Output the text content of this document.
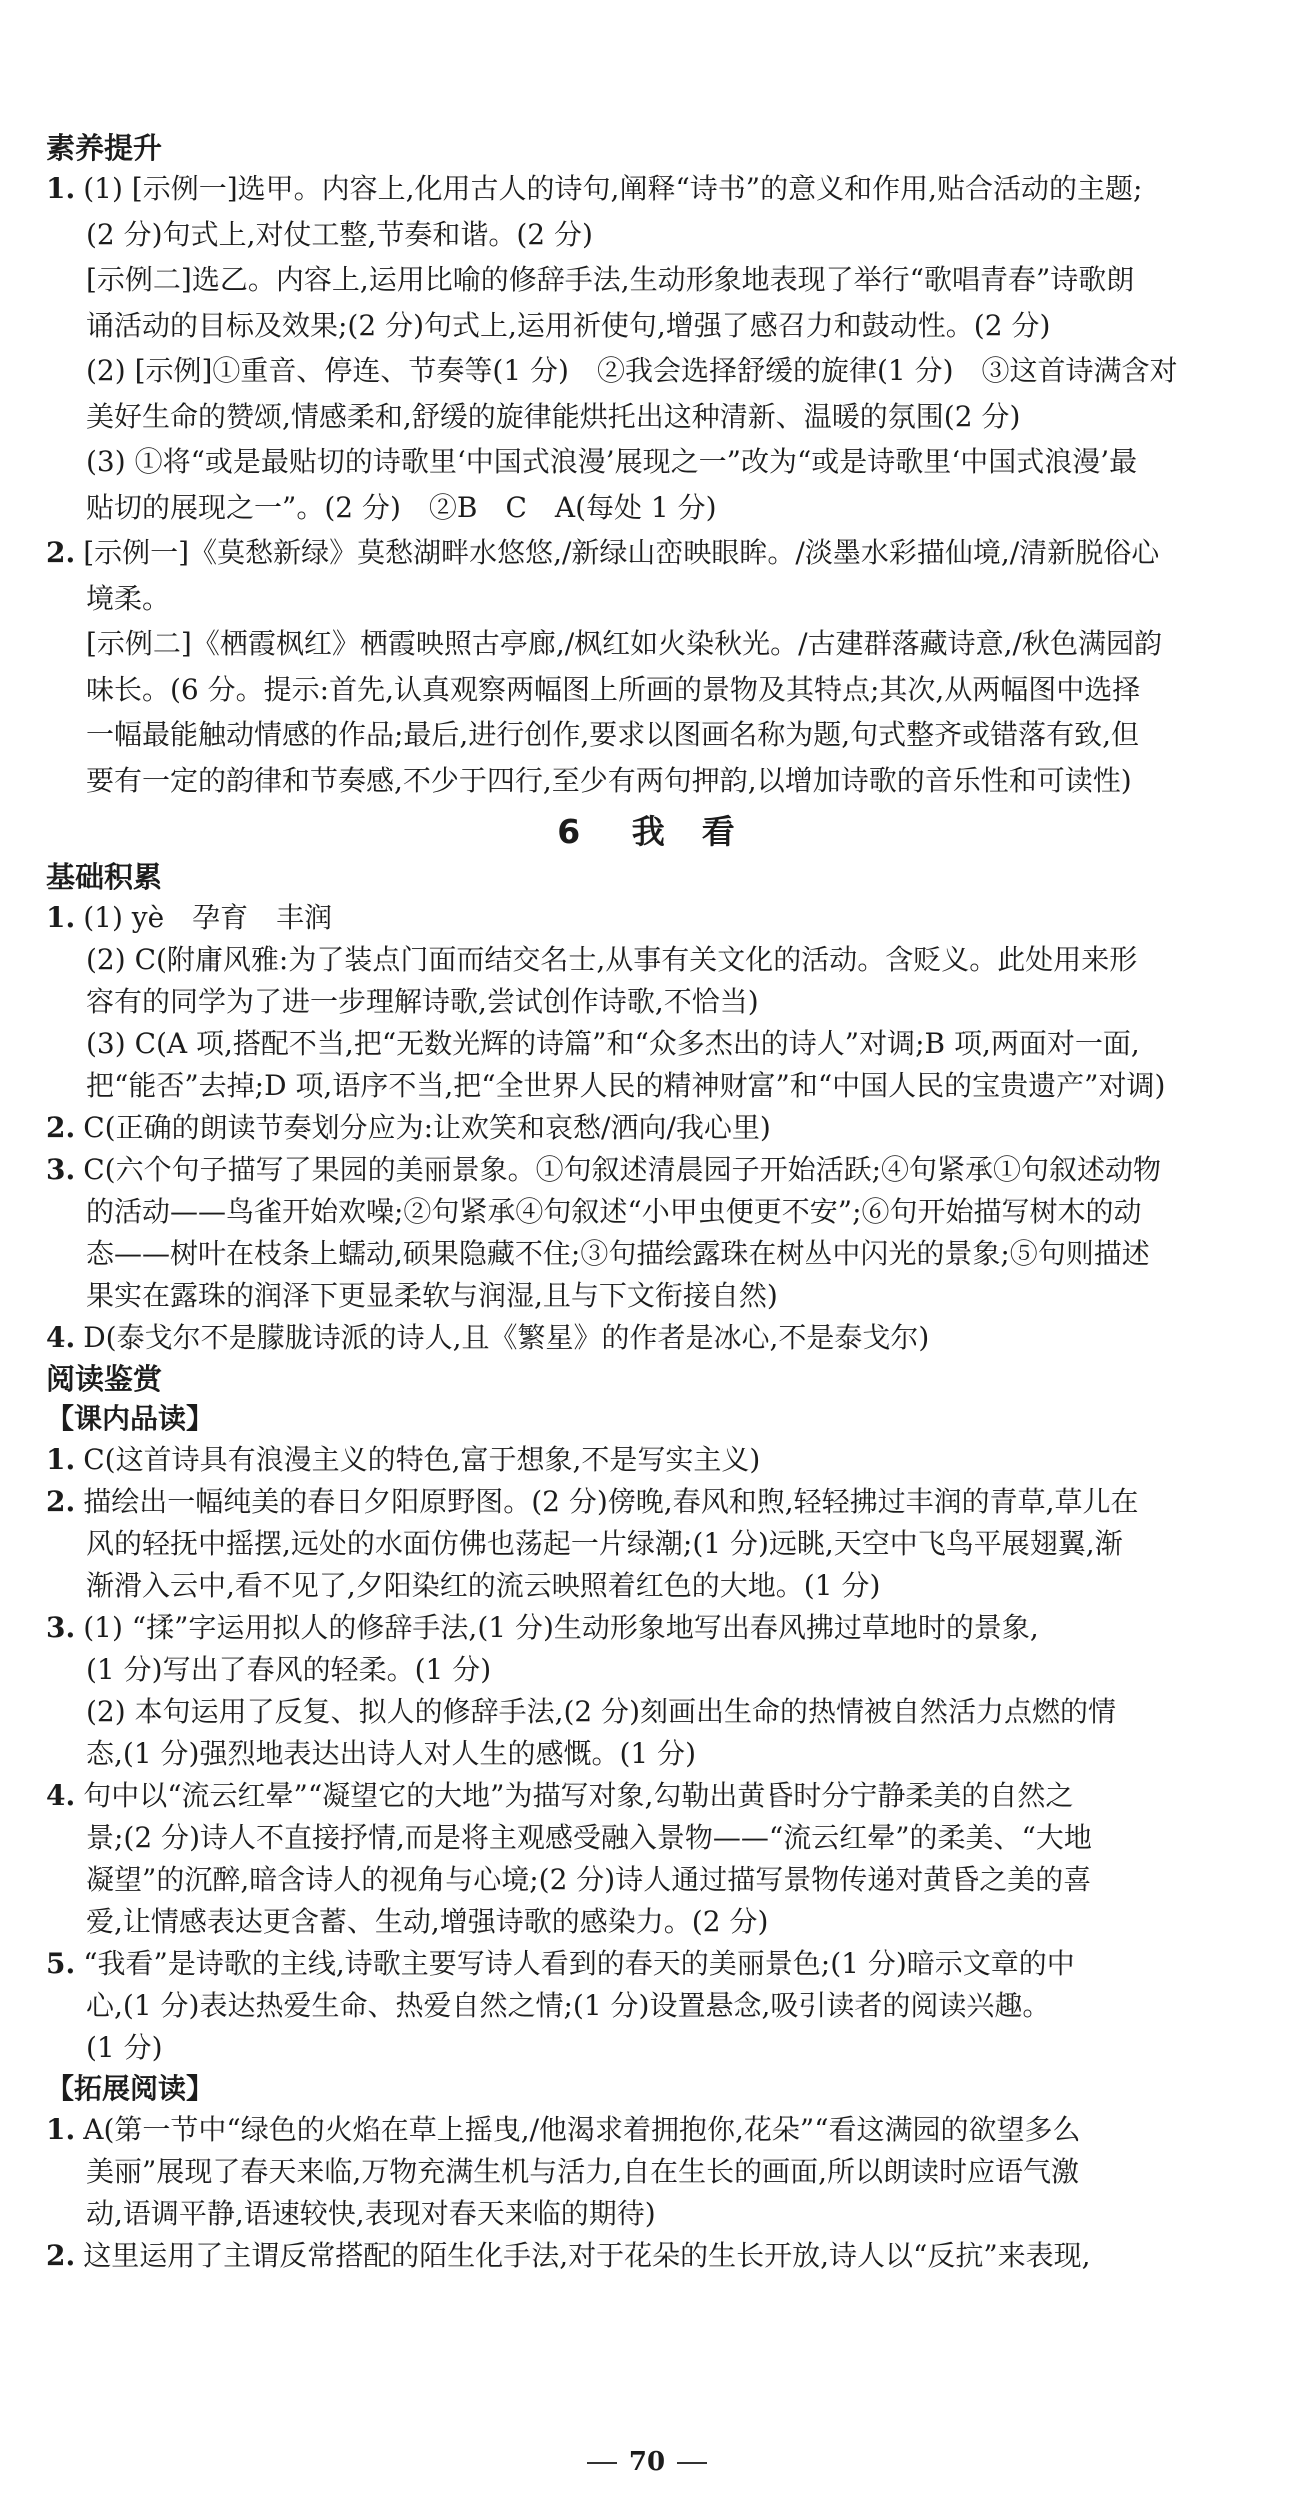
素养提升
1. (1) [示例一]选甲。内容上,化用古人的诗句,阐释“诗书”的意义和作用,贴合活动的主题;
(2 分)句式上,对仗工整,节奏和谐。(2 分)
[示例二]选乙。内容上,运用比喻的修辞手法,生动形象地表现了举行“歌唱青春”诗歌朗
诵活动的目标及效果;(2 分)句式上,运用祈使句,增强了感召力和鼓动性。(2 分)
(2) [示例]①重音、停连、节奏等(1 分)　②我会选择舒缓的旋律(1 分)　③这首诗满含对
美好生命的赞颂,情感柔和,舒缓的旋律能烘托出这种清新、温暖的氛围(2 分)
(3) ①将“或是最贴切的诗歌里‘中国式浪漫’展现之一”改为“或是诗歌里‘中国式浪漫’最
贴切的展现之一”。(2 分)　②B　C　A(每处 1 分)
2. [示例一]《莫愁新绿》莫愁湖畔水悠悠,/新绿山峦映眼眸。/淡墨水彩描仙境,/清新脱俗心
境柔。
[示例二]《栖霞枫红》栖霞映照古亭廊,/枫红如火染秋光。/古建群落藏诗意,/秋色满园韵
味长。(6 分。提示:首先,认真观察两幅图上所画的景物及其特点;其次,从两幅图中选择
6 我　看
基础积累
1. (1) yè　孕育　丰润
(2) C(附庸风雅:为了装点门面而结交名士,从事有关文化的活动。含贬义。此处用来形
容有的同学为了进一步理解诗歌,尝试创作诗歌,不恰当)
(3) C(A 项,搭配不当,把“无数光辉的诗篇”和“众多杰出的诗人”对调;B 项,两面对一面,
把“能否”去掉;D 项,语序不当,把“全世界人民的精神财富”和“中国人民的宝贵遗产”对调)
2. C(正确的朗读节奏划分应为:让欢笑和哀愁/洒向/我心里)
3. C(六个句子描写了果园的美丽景象。①句叙述清晨园子开始活跃;④句紧承①句叙述动物
的活动——鸟雀开始欢噪;②句紧承④句叙述“小甲虫便更不安”;⑥句开始描写树木的动
态——树叶在枝条上蠕动,硕果隐藏不住;③句描绘露珠在树丛中闪光的景象;⑤句则描述
果实在露珠的润泽下更显柔软与润湿,且与下文衔接自然)
4. D(泰戈尔不是朦胧诗派的诗人,且《繁星》的作者是冰心,不是泰戈尔)
阅读鉴赏
【课内品读】
1. C(这首诗具有浪漫主义的特色,富于想象,不是写实主义)
2. 描绘出一幅纯美的春日夕阳原野图。(2 分)傍晚,春风和煦,轻轻拂过丰润的青草,草儿在
风的轻抚中摇摆,远处的水面仿佛也荡起一片绿潮;(1 分)远眺,天空中飞鸟平展翅翼,渐
渐滑入云中,看不见了,夕阳染红的流云映照着红色的大地。(1 分)
3. (1) “揉”字运用拟人的修辞手法,(1 分)生动形象地写出春风拂过草地时的景象,
(1 分)写出了春风的轻柔。(1 分)
(2) 本句运用了反复、拟人的修辞手法,(2 分)刻画出生命的热情被自然活力点燃的情
态,(1 分)强烈地表达出诗人对人生的感慨。(1 分)
4. 句中以“流云红晕”“凝望它的大地”为描写对象,勾勒出黄昏时分宁静柔美的自然之
景;(2 分)诗人不直接抒情,而是将主观感受融入景物——“流云红晕”的柔美、“大地
凝望”的沉醉,暗含诗人的视角与心境;(2 分)诗人通过描写景物传递对黄昏之美的喜
爱,让情感表达更含蓄、生动,增强诗歌的感染力。(2 分)
5. “我看”是诗歌的主线,诗歌主要写诗人看到的春天的美丽景色;(1 分)暗示文章的中
心,(1 分)表达热爱生命、热爱自然之情;(1 分)设置悬念,吸引读者的阅读兴趣。
(1 分)
一幅最能触动情感的作品;最后,进行创作,要求以图画名称为题,句式整齐或错落有致,但
要有一定的韵律和节奏感,不少于四行,至少有两句押韵,以增加诗歌的音乐性和可读性)
【拓展阅读】
1. A(第一节中“绿色的火焰在草上摇曳,/他渴求着拥抱你,花朵”“看这满园的欲望多么
美丽”展现了春天来临,万物充满生机与活力,自在生长的画面,所以朗读时应语气激
动,语调平静,语速较快,表现对春天来临的期待)
2. 这里运用了主谓反常搭配的陌生化手法,对于花朵的生长开放,诗人以“反抗”来表现,
70
